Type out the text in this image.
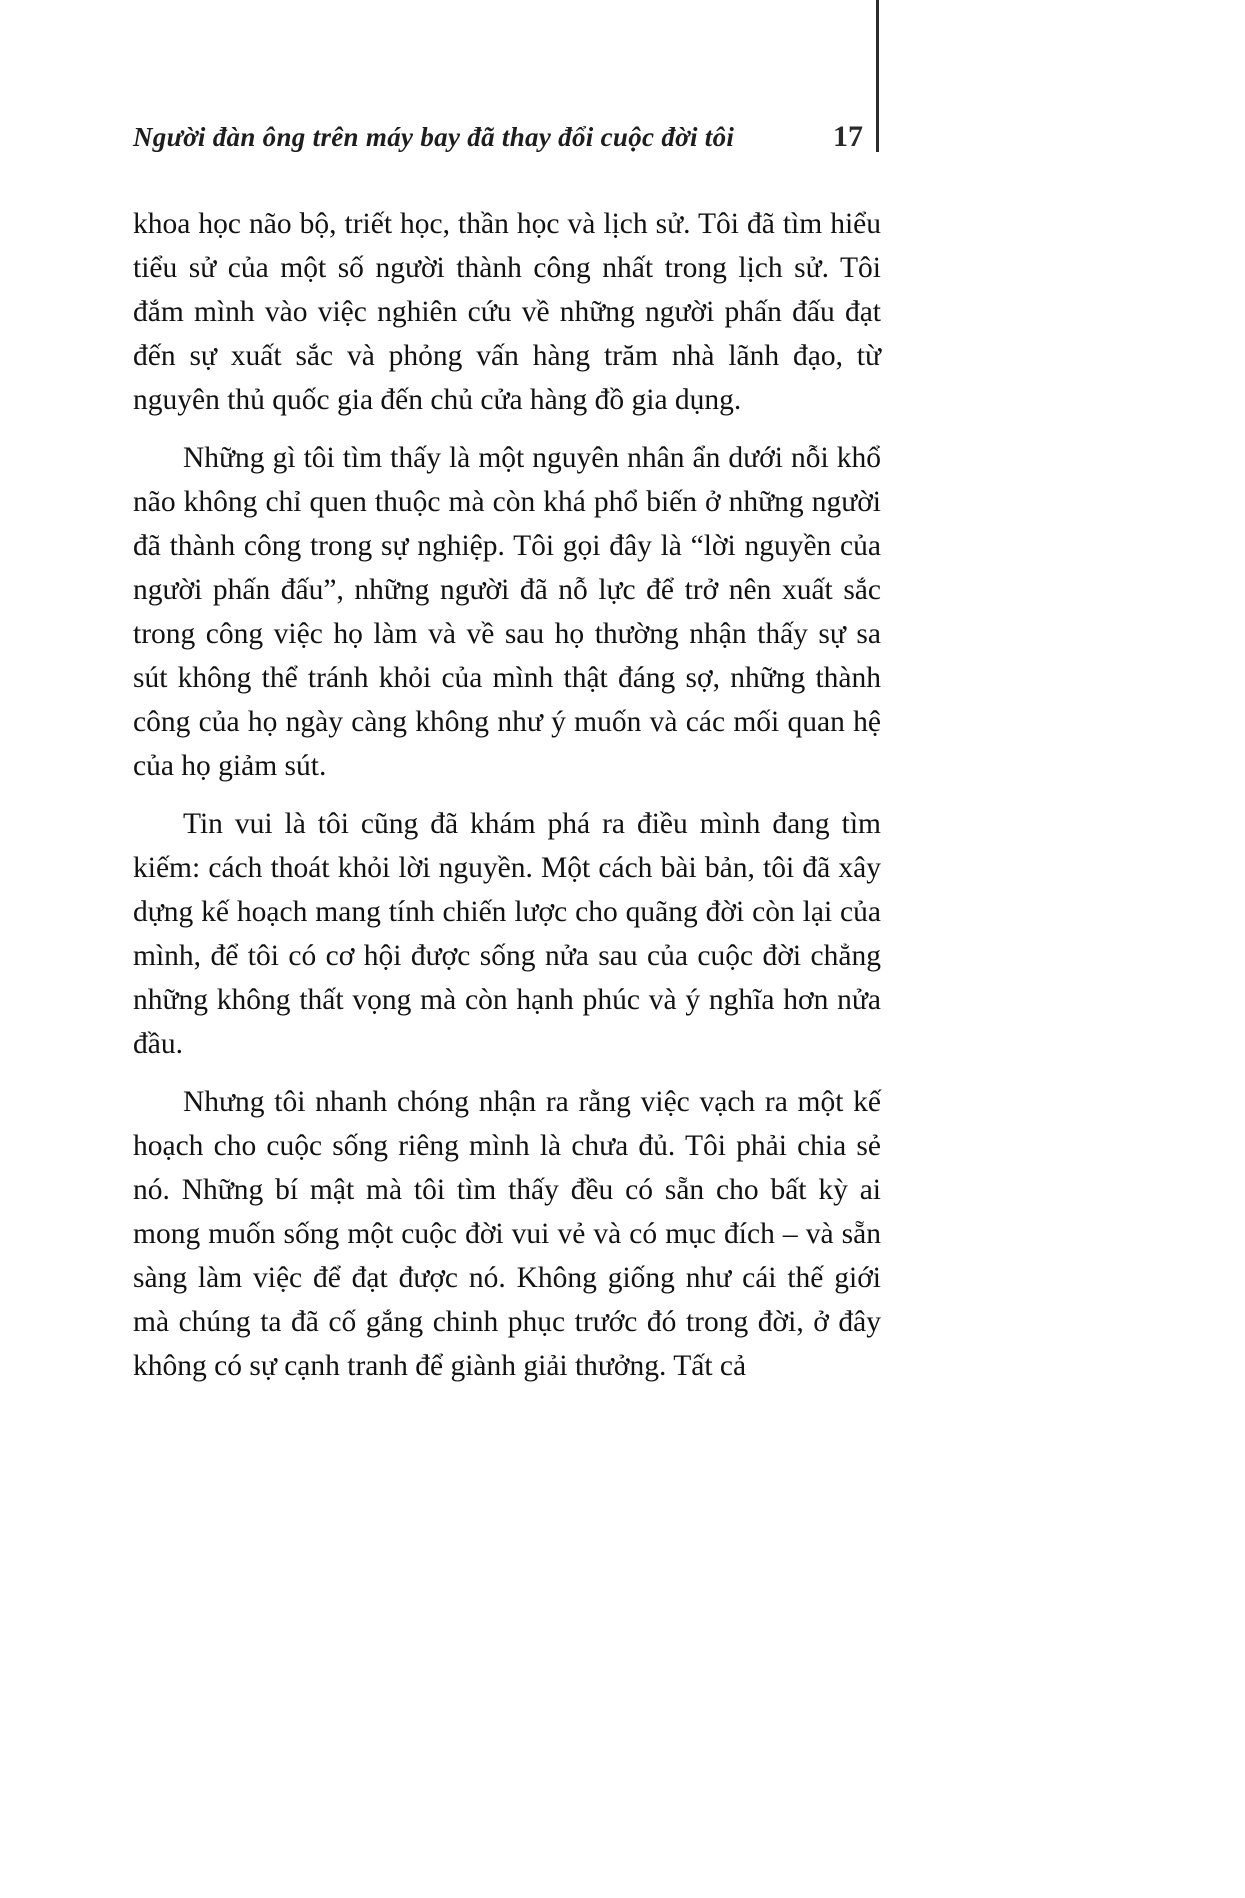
Người đàn ông trên máy bay đã thay đổi cuộc đời tôi	17

khoa học não bộ, triết học, thần học và lịch sử. Tôi đã tìm hiểu tiểu sử của một số người thành công nhất trong lịch sử. Tôi đắm mình vào việc nghiên cứu về những người phấn đấu đạt đến sự xuất sắc và phỏng vấn hàng trăm nhà lãnh đạo, từ nguyên thủ quốc gia đến chủ cửa hàng đồ gia dụng.

Những gì tôi tìm thấy là một nguyên nhân ẩn dưới nỗi khổ não không chỉ quen thuộc mà còn khá phổ biến ở những người đã thành công trong sự nghiệp. Tôi gọi đây là “lời nguyền của người phấn đấu”, những người đã nỗ lực để trở nên xuất sắc trong công việc họ làm và về sau họ thường nhận thấy sự sa sút không thể tránh khỏi của mình thật đáng sợ, những thành công của họ ngày càng không như ý muốn và các mối quan hệ của họ giảm sút.

Tin vui là tôi cũng đã khám phá ra điều mình đang tìm kiếm: cách thoát khỏi lời nguyền. Một cách bài bản, tôi đã xây dựng kế hoạch mang tính chiến lược cho quãng đời còn lại của mình, để tôi có cơ hội được sống nửa sau của cuộc đời chẳng những không thất vọng mà còn hạnh phúc và ý nghĩa hơn nửa đầu.

Nhưng tôi nhanh chóng nhận ra rằng việc vạch ra một kế hoạch cho cuộc sống riêng mình là chưa đủ. Tôi phải chia sẻ nó. Những bí mật mà tôi tìm thấy đều có sẵn cho bất kỳ ai mong muốn sống một cuộc đời vui vẻ và có mục đích – và sẵn sàng làm việc để đạt được nó. Không giống như cái thế giới mà chúng ta đã cố gắng chinh phục trước đó trong đời, ở đây không có sự cạnh tranh để giành giải thưởng. Tất cả
